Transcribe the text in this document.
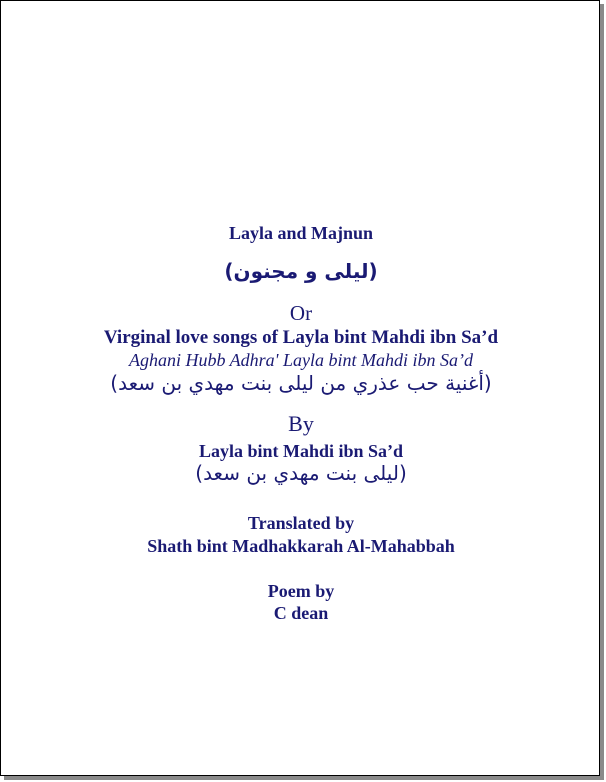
Layla and Majnun
(ليلى و مجنون)
Or
Virginal love songs of Layla bint Mahdi ibn Sa’d
Aghani Hubb Adhra' Layla bint Mahdi ibn Sa’d
(أغنية حب عذري من ليلى بنت مهدي بن سعد)
By
Layla bint Mahdi ibn Sa’d
(ليلى بنت مهدي بن سعد)
Translated by
Shath bint Madhakkarah Al-Mahabbah
Poem by
C dean
